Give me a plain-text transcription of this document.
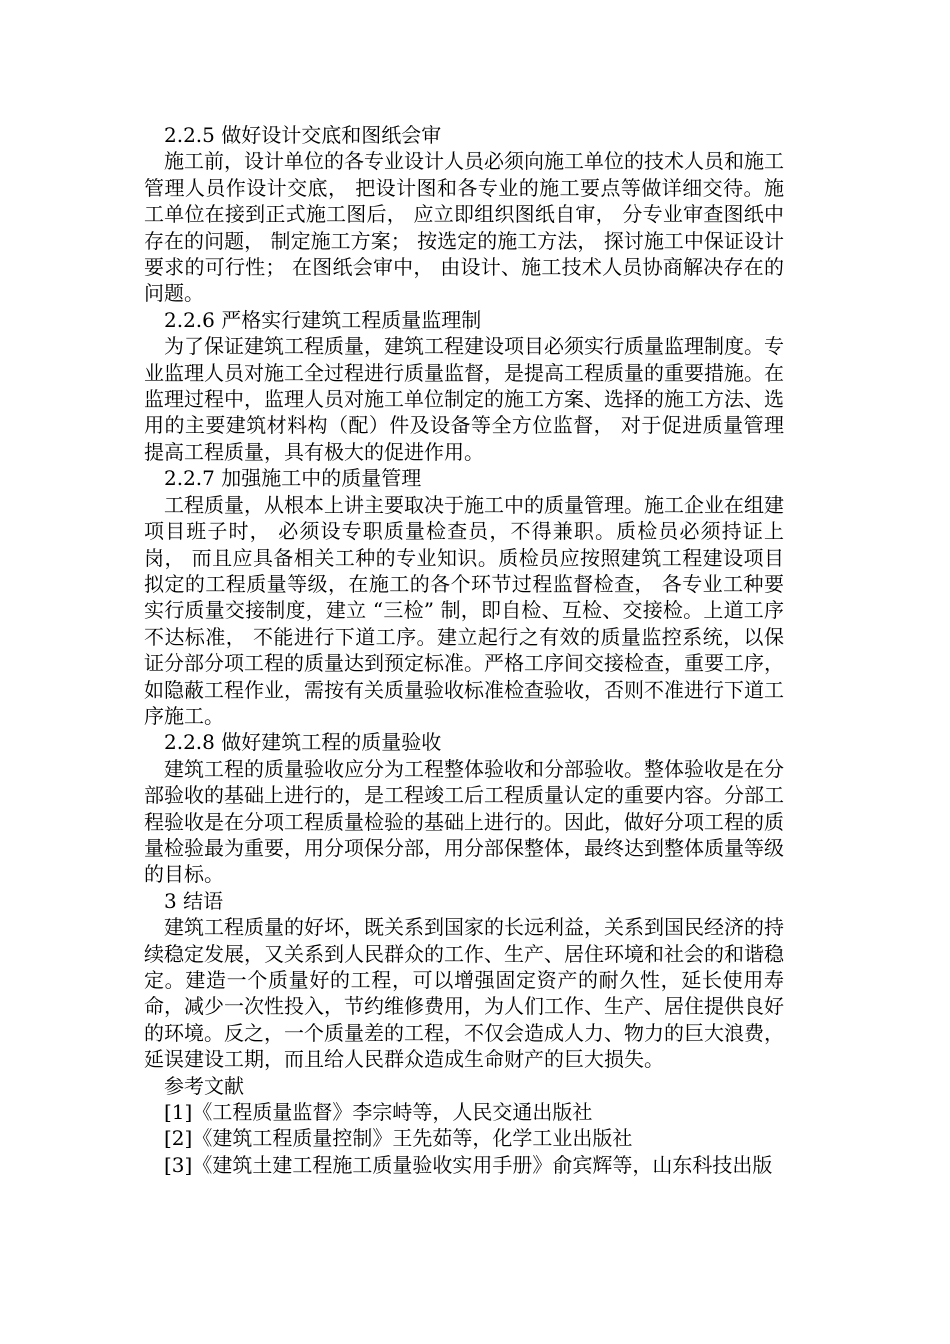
2.2.5 做好设计交底和图纸会审

施工前，设计单位的各专业设计人员必须向施工单位的技术人员和施工管理人员作设计交底， 把设计图和各专业的施工要点等做详细交待。施工单位在接到正式施工图后， 应立即组织图纸自审， 分专业审查图纸中存在的问题， 制定施工方案； 按选定的施工方法， 探讨施工中保证设计要求的可行性； 在图纸会审中， 由设计、施工技术人员协商解决存在的问题。

2.2.6 严格实行建筑工程质量监理制

为了保证建筑工程质量，建筑工程建设项目必须实行质量监理制度。专业监理人员对施工全过程进行质量监督，是提高工程质量的重要措施。在监理过程中，监理人员对施工单位制定的施工方案、选择的施工方法、选用的主要建筑材料构（配）件及设备等全方位监督， 对于促进质量管理提高工程质量，具有极大的促进作用。

2.2.7 加强施工中的质量管理

工程质量，从根本上讲主要取决于施工中的质量管理。施工企业在组建项目班子时， 必须设专职质量检查员，不得兼职。质检员必须持证上岗， 而且应具备相关工种的专业知识。质检员应按照建筑工程建设项目拟定的工程质量等级，在施工的各个环节过程监督检查， 各专业工种要实行质量交接制度，建立 “三检” 制，即自检、互检、交接检。上道工序不达标准， 不能进行下道工序。建立起行之有效的质量监控系统，以保证分部分项工程的质量达到预定标准。严格工序间交接检查，重要工序，如隐蔽工程作业，需按有关质量验收标准检查验收，否则不准进行下道工序施工。

2.2.8 做好建筑工程的质量验收

建筑工程的质量验收应分为工程整体验收和分部验收。整体验收是在分部验收的基础上进行的，是工程竣工后工程质量认定的重要内容。分部工程验收是在分项工程质量检验的基础上进行的。因此，做好分项工程的质量检验最为重要，用分项保分部，用分部保整体，最终达到整体质量等级的目标。

3 结语

建筑工程质量的好坏，既关系到国家的长远利益，关系到国民经济的持续稳定发展，又关系到人民群众的工作、生产、居住环境和社会的和谐稳定。建造一个质量好的工程，可以增强固定资产的耐久性，延长使用寿命，减少一次性投入，节约维修费用，为人们工作、生产、居住提供良好的环境。反之，一个质量差的工程，不仅会造成人力、物力的巨大浪费，延误建设工期，而且给人民群众造成生命财产的巨大损失。

参考文献

[1]《工程质量监督》李宗峙等，人民交通出版社
[2]《建筑工程质量控制》王先茹等，化学工业出版社
[3]《建筑土建工程施工质量验收实用手册》俞宾辉等，山东科技出版
